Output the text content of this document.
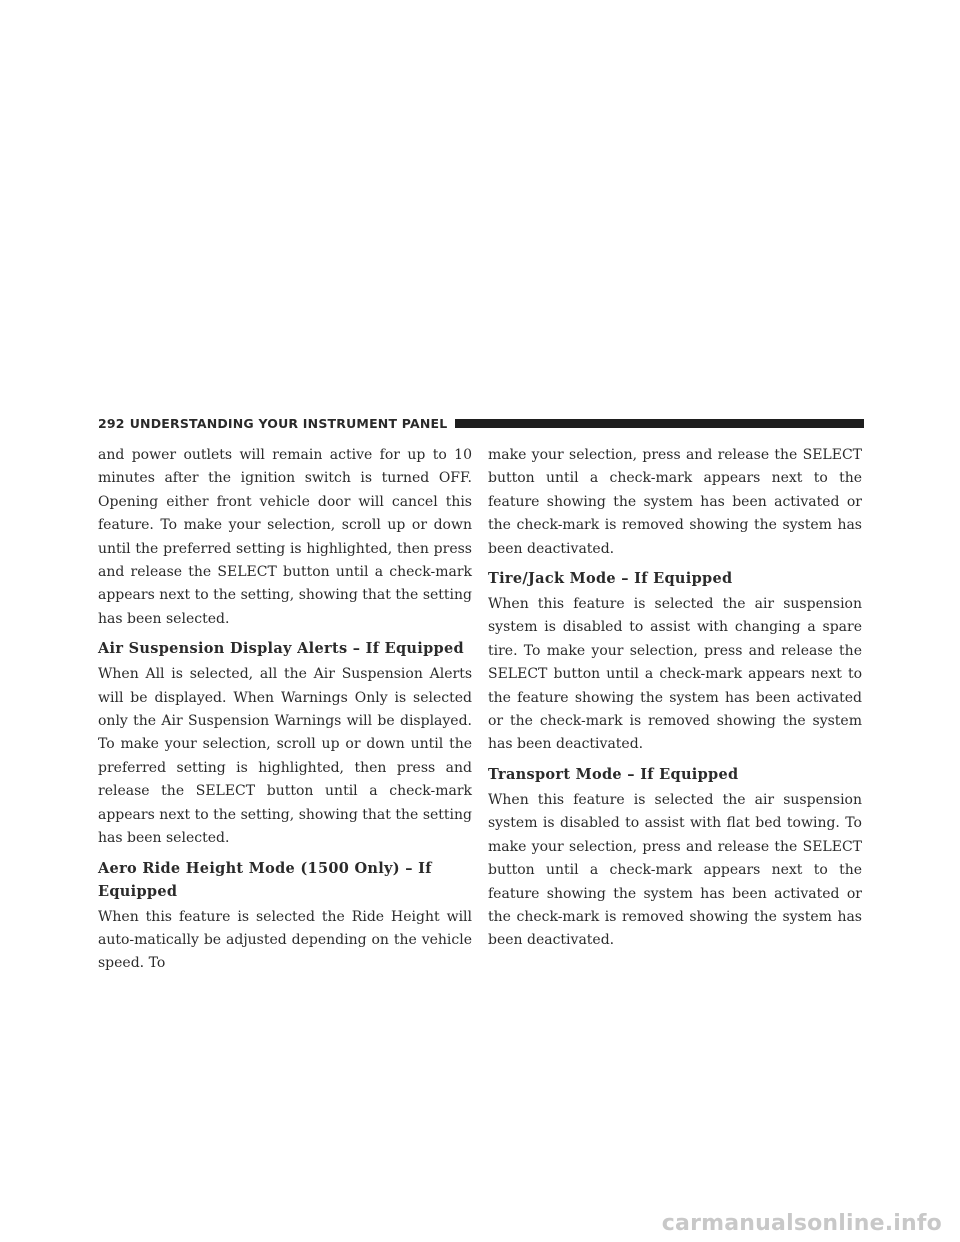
292 UNDERSTANDING YOUR INSTRUMENT PANEL

and power outlets will remain active for up to 10 minutes after the ignition switch is turned OFF. Opening either front vehicle door will cancel this feature. To make your selection, scroll up or down until the preferred setting is highlighted, then press and release the SELECT button until a check-mark appears next to the setting, showing that the setting has been selected.

Air Suspension Display Alerts – If Equipped

When All is selected, all the Air Suspension Alerts will be displayed. When Warnings Only is selected only the Air Suspension Warnings will be displayed. To make your selection, scroll up or down until the preferred setting is highlighted, then press and release the SELECT button until a check-mark appears next to the setting, showing that the setting has been selected.

Aero Ride Height Mode (1500 Only) – If Equipped

When this feature is selected the Ride Height will auto-matically be adjusted depending on the vehicle speed. To

make your selection, press and release the SELECT button until a check-mark appears next to the feature showing the system has been activated or the check-mark is removed showing the system has been deactivated.

Tire/Jack Mode – If Equipped

When this feature is selected the air suspension system is disabled to assist with changing a spare tire. To make your selection, press and release the SELECT button until a check-mark appears next to the feature showing the system has been activated or the check-mark is removed showing the system has been deactivated.

Transport Mode – If Equipped

When this feature is selected the air suspension system is disabled to assist with flat bed towing. To make your selection, press and release the SELECT button until a check-mark appears next to the feature showing the system has been activated or the check-mark is removed showing the system has been deactivated.

carmanualsonline.info
